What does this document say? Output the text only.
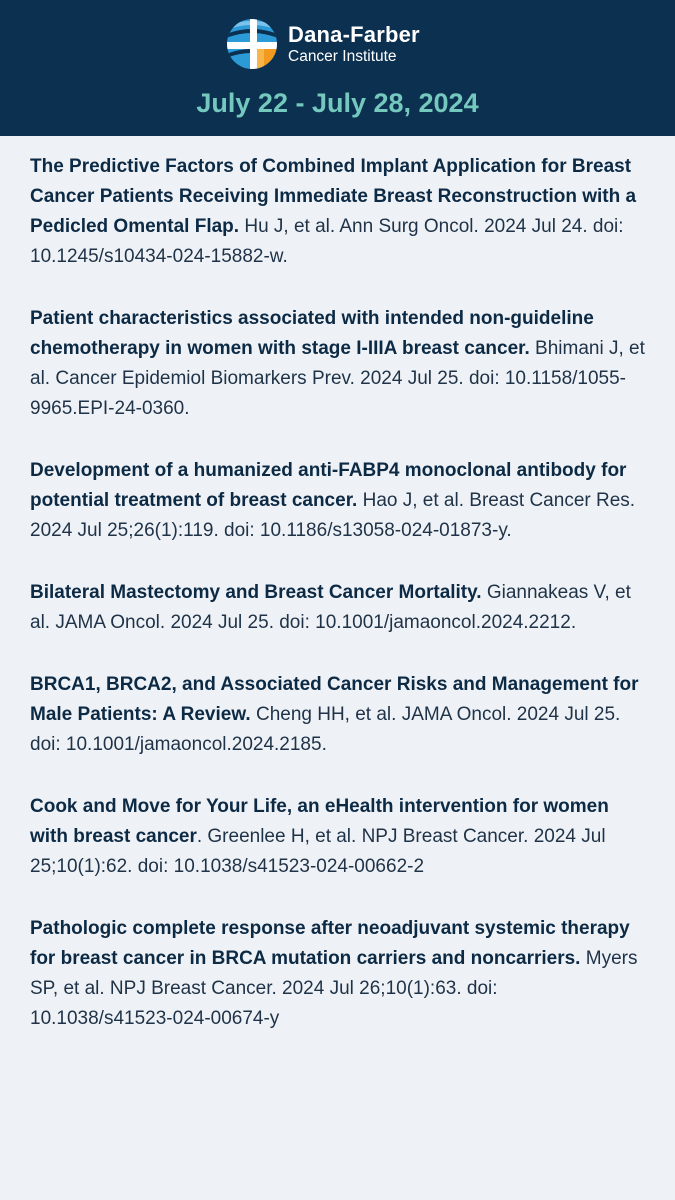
Dana-Farber
Cancer Institute
July 22 - July 28, 2024

The Predictive Factors of Combined Implant Application for Breast Cancer Patients Receiving Immediate Breast Reconstruction with a Pedicled Omental Flap. Hu J, et al. Ann Surg Oncol. 2024 Jul 24. doi: 10.1245/s10434-024-15882-w.

Patient characteristics associated with intended non-guideline chemotherapy in women with stage I-IIIA breast cancer. Bhimani J, et al. Cancer Epidemiol Biomarkers Prev. 2024 Jul 25. doi: 10.1158/1055-9965.EPI-24-0360.

Development of a humanized anti-FABP4 monoclonal antibody for potential treatment of breast cancer. Hao J, et al. Breast Cancer Res. 2024 Jul 25;26(1):119. doi: 10.1186/s13058-024-01873-y.

Bilateral Mastectomy and Breast Cancer Mortality. Giannakeas V, et al. JAMA Oncol. 2024 Jul 25. doi: 10.1001/jamaoncol.2024.2212.

BRCA1, BRCA2, and Associated Cancer Risks and Management for Male Patients: A Review. Cheng HH, et al. JAMA Oncol. 2024 Jul 25. doi: 10.1001/jamaoncol.2024.2185.

Cook and Move for Your Life, an eHealth intervention for women with breast cancer. Greenlee H, et al. NPJ Breast Cancer. 2024 Jul 25;10(1):62. doi: 10.1038/s41523-024-00662-2

Pathologic complete response after neoadjuvant systemic therapy for breast cancer in BRCA mutation carriers and noncarriers. Myers SP, et al. NPJ Breast Cancer. 2024 Jul 26;10(1):63. doi: 10.1038/s41523-024-00674-y
